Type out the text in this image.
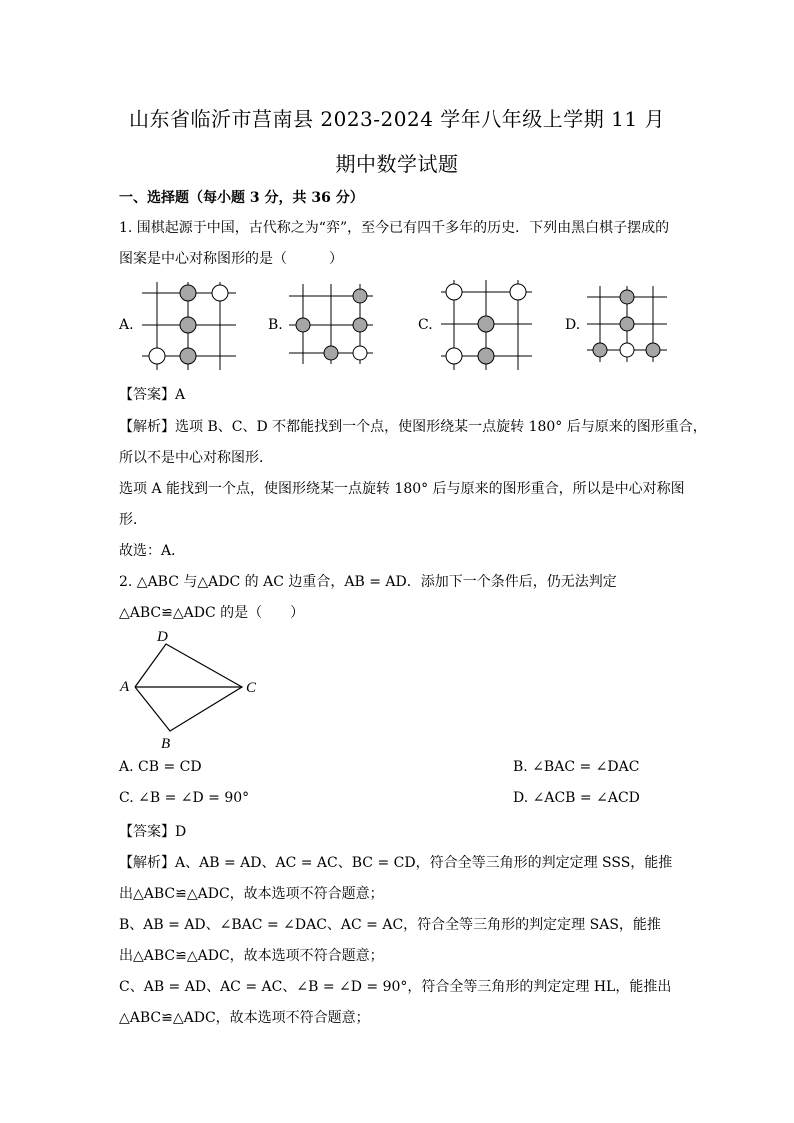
山东省临沂市莒南县 2023-2024 学年八年级上学期 11 月
期中数学试题
一、选择题（每小题 3 分，共 36 分）
1. 围棋起源于中国，古代称之为“弈”，至今已有四千多年的历史．下列由黑白棋子摆成的
图案是中心对称图形的是（　　　）
A.	B.	C.	D.
【答案】A
【解析】选项 B、C、D 不都能找到一个点，使图形绕某一点旋转 180° 后与原来的图形重合，
所以不是中心对称图形．
选项 A 能找到一个点，使图形绕某一点旋转 180° 后与原来的图形重合，所以是中心对称图
形．
故选：A．
2. △ABC 与△ADC 的 AC 边重合，AB = AD．添加下一个条件后，仍无法判定
△ABC≌△ADC 的是（　　）
D
A	C
B
A. CB = CD	B. ∠BAC = ∠DAC
C. ∠B = ∠D = 90°	D. ∠ACB = ∠ACD
【答案】D
【解析】A、AB = AD、AC = AC、BC = CD，符合全等三角形的判定定理 SSS，能推
出△ABC≌△ADC，故本选项不符合题意；
B、AB = AD、∠BAC = ∠DAC、AC = AC，符合全等三角形的判定定理 SAS，能推
出△ABC≌△ADC，故本选项不符合题意；
C、AB = AD、AC = AC、∠B = ∠D = 90°，符合全等三角形的判定定理 HL，能推出
△ABC≌△ADC，故本选项不符合题意；
